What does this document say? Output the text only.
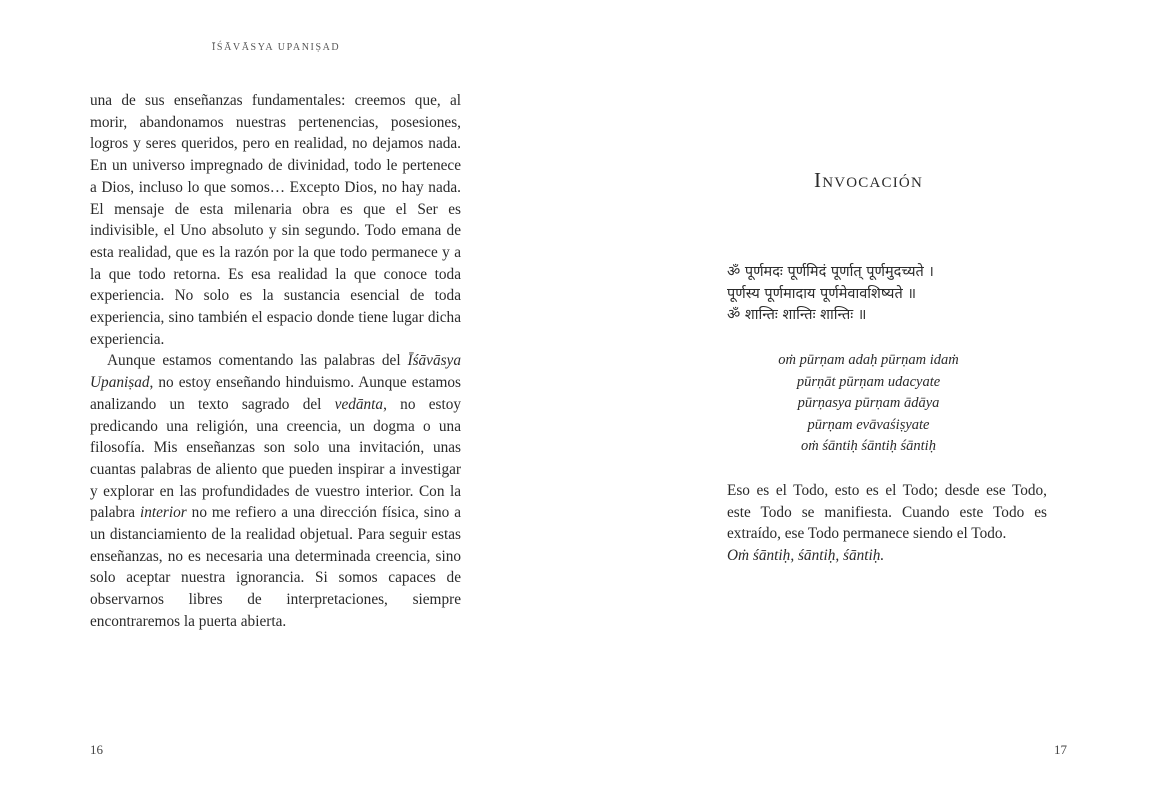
ĪŚĀVĀSYA UPANIṢAD

una de sus enseñanzas fundamentales: creemos que, al morir, abandonamos nuestras pertenencias, posesiones, logros y seres queridos, pero en realidad, no dejamos nada. En un universo impregnado de divinidad, todo le pertenece a Dios, incluso lo que somos… Excepto Dios, no hay nada. El mensaje de esta milenaria obra es que el Ser es indivisible, el Uno absoluto y sin segundo. Todo emana de esta realidad, que es la razón por la que todo permanece y a la que todo retorna. Es esa realidad la que conoce toda experiencia. No solo es la sustancia esencial de toda experiencia, sino también el espacio donde tiene lugar dicha experiencia.

Aunque estamos comentando las palabras del Īśāvāsya Upaniṣad, no estoy enseñando hinduismo. Aunque estamos analizando un texto sagrado del vedānta, no estoy predicando una religión, una creencia, un dogma o una filosofía. Mis enseñanzas son solo una invitación, unas cuantas palabras de aliento que pueden inspirar a investigar y explorar en las profundidades de vuestro interior. Con la palabra interior no me refiero a una dirección física, sino a un distanciamiento de la realidad objetual. Para seguir estas enseñanzas, no es necesaria una determinada creencia, sino solo aceptar nuestra ignorancia. Si somos capaces de observarnos libres de interpretaciones, siempre encontraremos la puerta abierta.

16
Invocación
ॐ पूर्णमदः पूर्णमिदं पूर्णात् पूर्णमुदच्यते ।
पूर्णस्य पूर्णमादाय पूर्णमेवावशिष्यते ॥
ॐ शान्तिः शान्तिः शान्तिः ॥
oṁ pūrṇam adaḥ pūrṇam idaṁ
pūrṇāt pūrṇam udacyate
pūrṇasya pūrṇam ādāya
pūrṇam evāvaśiṣyate
oṁ śāntiḥ śāntiḥ śāntiḥ

Eso es el Todo, esto es el Todo; desde ese Todo, este Todo se manifiesta. Cuando este Todo es extraído, ese Todo permanece siendo el Todo.
Oṁ śāntiḥ, śāntiḥ, śāntiḥ.

17
